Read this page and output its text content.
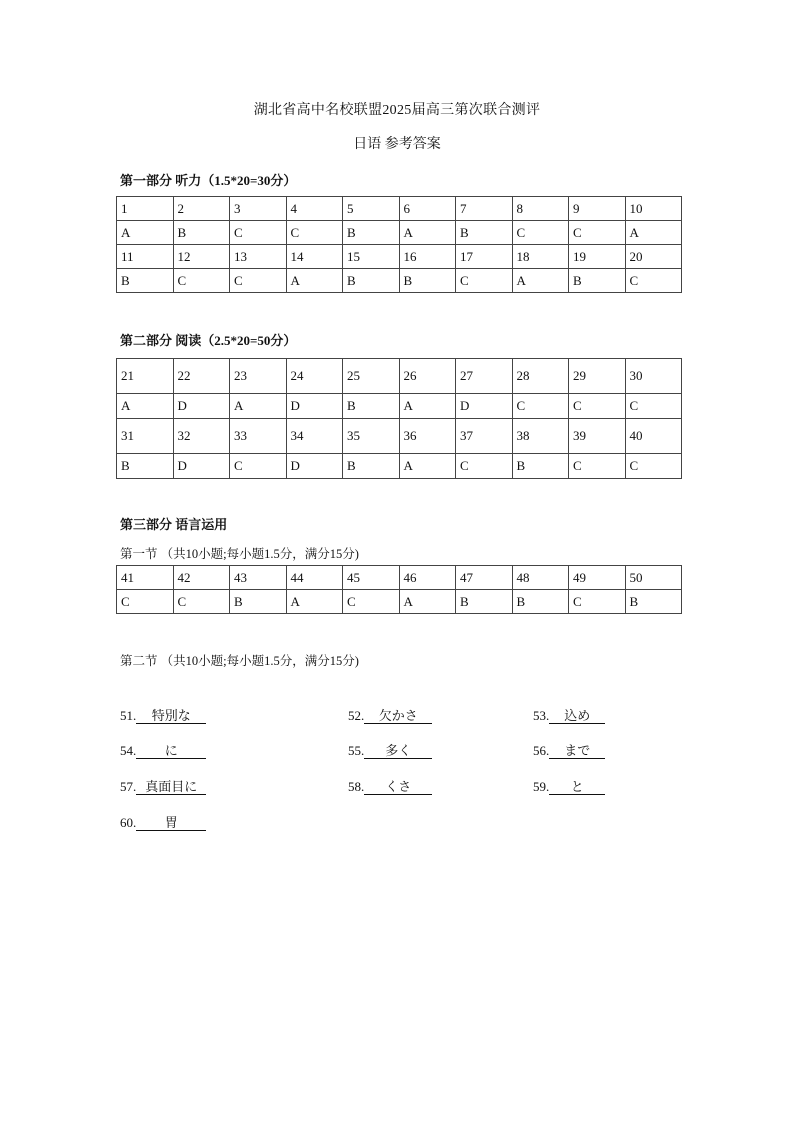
湖北省高中名校联盟2025届高三第次联合测评
日语 参考答案
第一部分 听力（1.5*20=30分）
1	2	3	4	5	6	7	8	9	10
A	B	C	C	B	A	B	C	C	A
11	12	13	14	15	16	17	18	19	20
B	C	C	A	B	B	C	A	B	C
第二部分 阅读（2.5*20=50分）
21	22	23	24	25	26	27	28	29	30
A	D	A	D	B	A	D	C	C	C
31	32	33	34	35	36	37	38	39	40
B	D	C	D	B	A	C	B	C	C
第三部分 语言运用
第一节 （共10小题;每小题1.5分，满分15分)
41	42	43	44	45	46	47	48	49	50
C	C	B	A	C	A	B	B	C	B
第二节 （共10小题;每小题1.5分，满分15分)
51. 特別な	52. 欠かさ	53. 込め
54. に	55. 多く	56. まで
57. 真面目に	58. くさ	59. と
60. 胃
